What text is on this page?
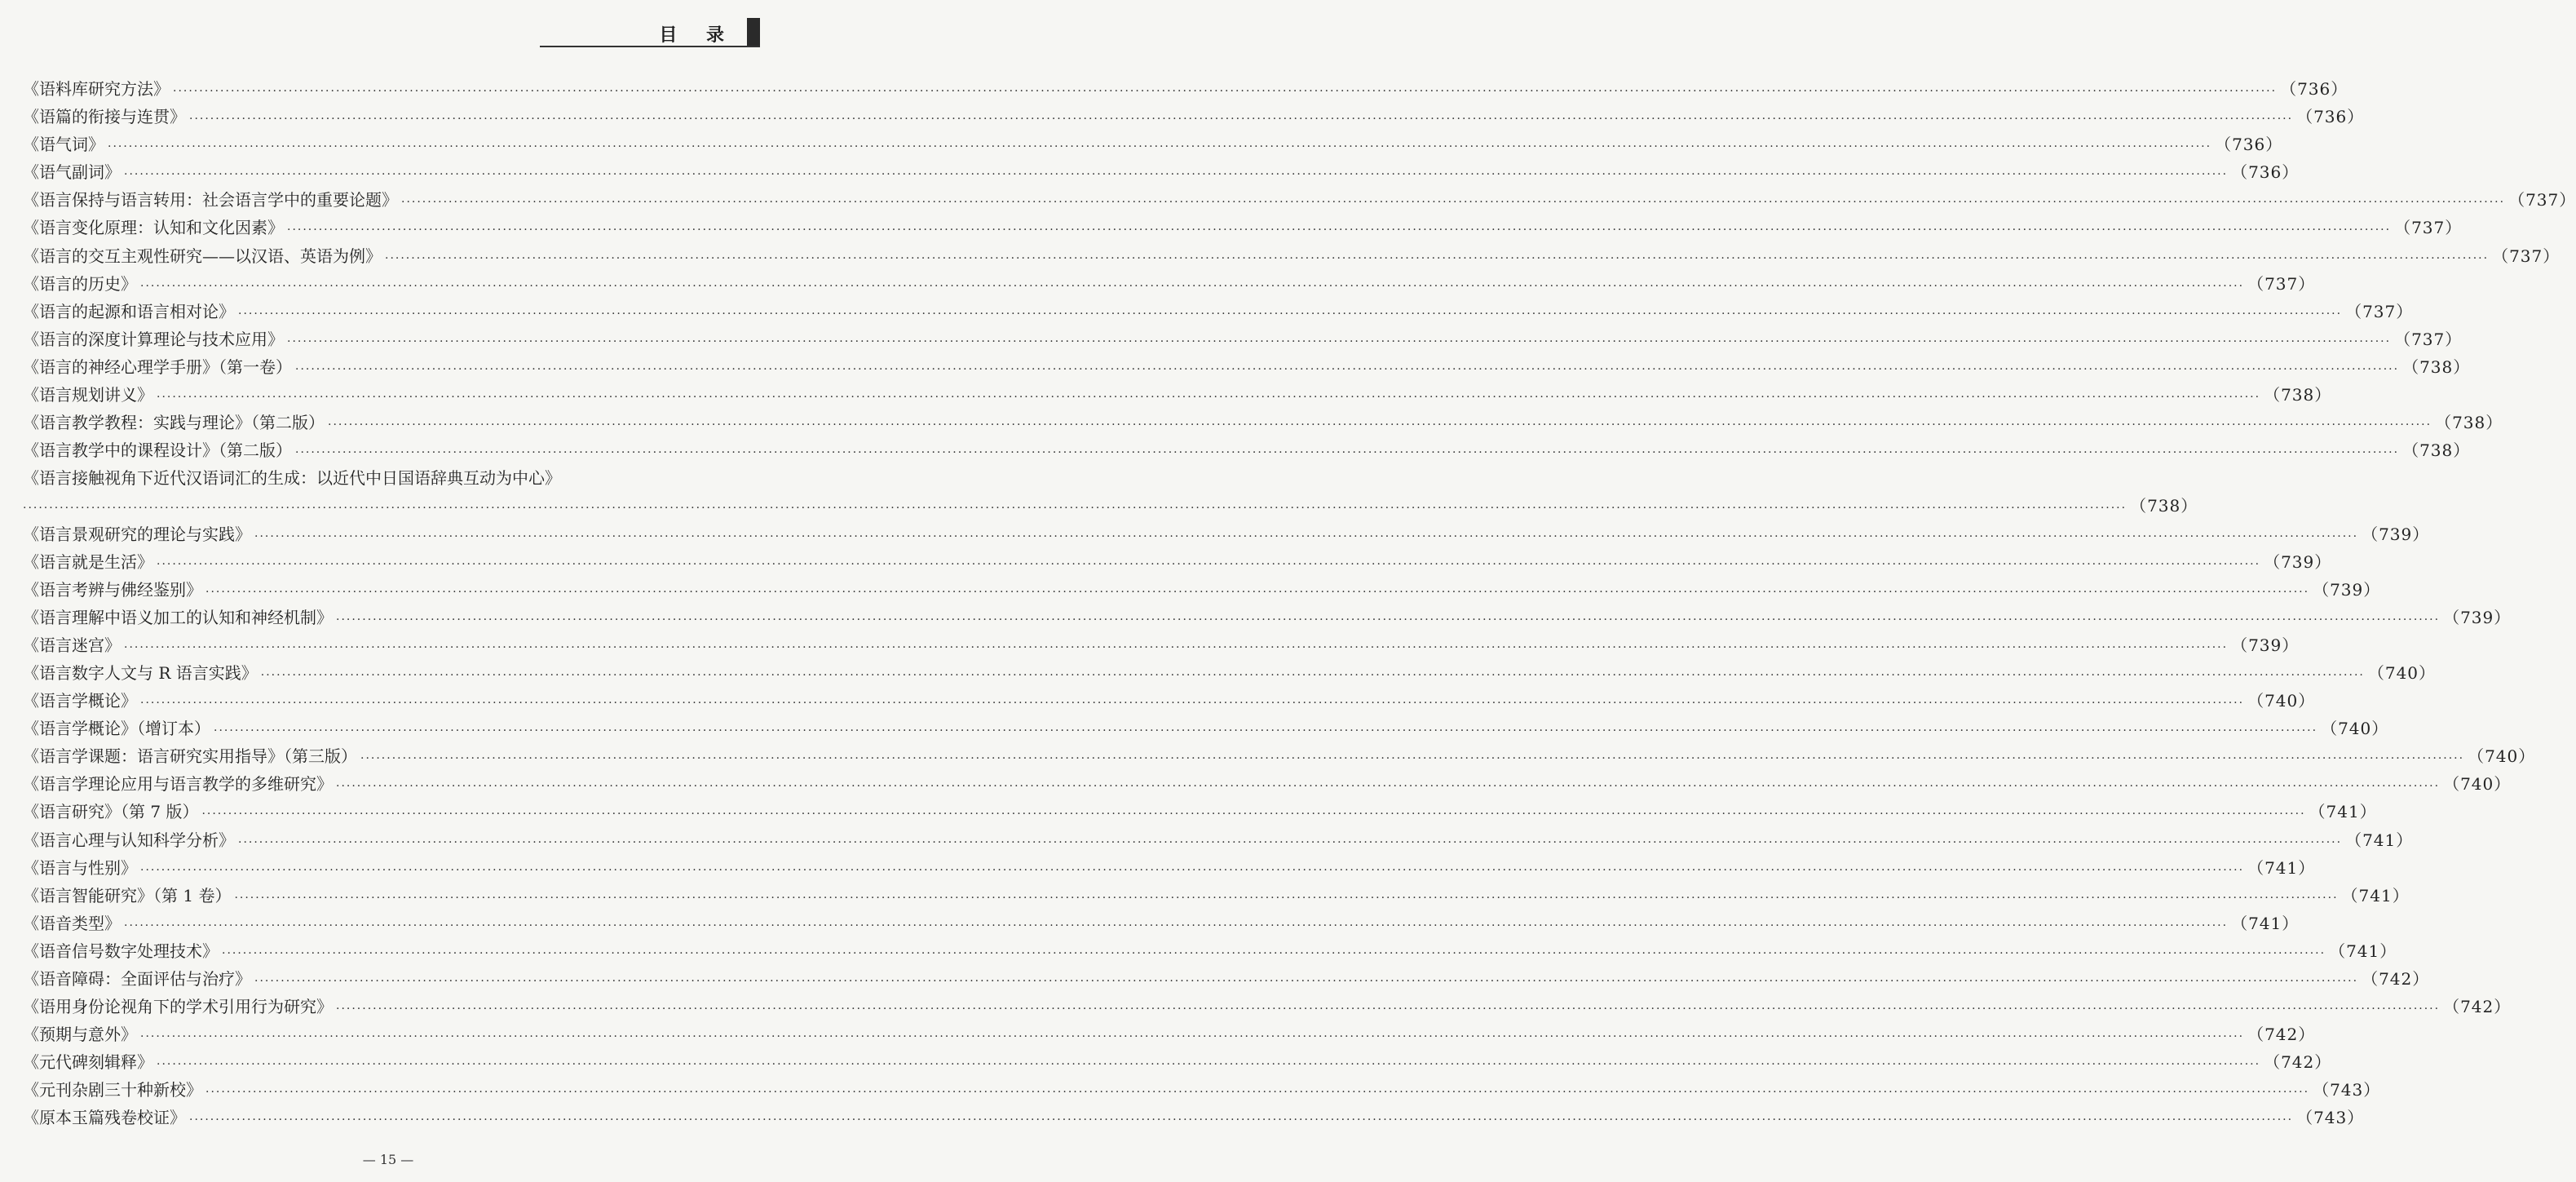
目 录
《语料库研究方法》 ················································································································································································································································································································································································································ （736）
《语篇的衔接与连贯》 ················································································································································································································································································································································································································ （736）
《语气词》 ················································································································································································································································································································································································································ （736）
《语气副词》 ················································································································································································································································································································································································································ （736）
《语言保持与语言转用：社会语言学中的重要论题》 ················································································································································································································································································································································································································ （737）
《语言变化原理：认知和文化因素》 ················································································································································································································································································································································································································ （737）
《语言的交互主观性研究——以汉语、英语为例》 ················································································································································································································································································································································································································ （737）
《语言的历史》 ················································································································································································································································································································································································································ （737）
《语言的起源和语言相对论》 ················································································································································································································································································································································································································ （737）
《语言的深度计算理论与技术应用》 ················································································································································································································································································································································································································ （737）
《语言的神经心理学手册》（第一卷） ················································································································································································································································································································································································································ （738）
《语言规划讲义》 ················································································································································································································································································································································································································ （738）
《语言教学教程：实践与理论》（第二版） ················································································································································································································································································································································································································ （738）
《语言教学中的课程设计》（第二版） ················································································································································································································································································································································································································ （738）
《语言接触视角下近代汉语词汇的生成：以近代中日国语辞典互动为中心》
················································································································································································································································································································································································································ （738）
《语言景观研究的理论与实践》 ················································································································································································································································································································································································································ （739）
《语言就是生活》 ················································································································································································································································································································································································································ （739）
《语言考辨与佛经鉴别》 ················································································································································································································································································································································································································ （739）
《语言理解中语义加工的认知和神经机制》 ················································································································································································································································································································································································································ （739）
《语言迷宫》 ················································································································································································································································································································································································································ （739）
《语言数字人文与 R 语言实践》 ················································································································································································································································································································································································································ （740）
《语言学概论》 ················································································································································································································································································································································································································ （740）
《语言学概论》（增订本） ················································································································································································································································································································································································································ （740）
《语言学课题：语言研究实用指导》（第三版） ················································································································································································································································································································································································································ （740）
《语言学理论应用与语言教学的多维研究》 ················································································································································································································································································································································································································ （740）
《语言研究》（第 7 版） ················································································································································································································································································································································································································ （741）
《语言心理与认知科学分析》 ················································································································································································································································································································································································································ （741）
《语言与性别》 ················································································································································································································································································································································································································ （741）
《语言智能研究》（第 1 卷） ················································································································································································································································································································································································································ （741）
《语音类型》 ················································································································································································································································································································································································································ （741）
《语音信号数字处理技术》 ················································································································································································································································································································································································································ （741）
《语音障碍：全面评估与治疗》 ················································································································································································································································································································································································································ （742）
《语用身份论视角下的学术引用行为研究》 ················································································································································································································································································································································································································ （742）
《预期与意外》 ················································································································································································································································································································································································································ （742）
《元代碑刻辑释》 ················································································································································································································································································································································································································ （742）
《元刊杂剧三十种新校》 ················································································································································································································································································································································································································ （743）
《原本玉篇残卷校证》 ················································································································································································································································································································································································································ （743）
— 15 —
